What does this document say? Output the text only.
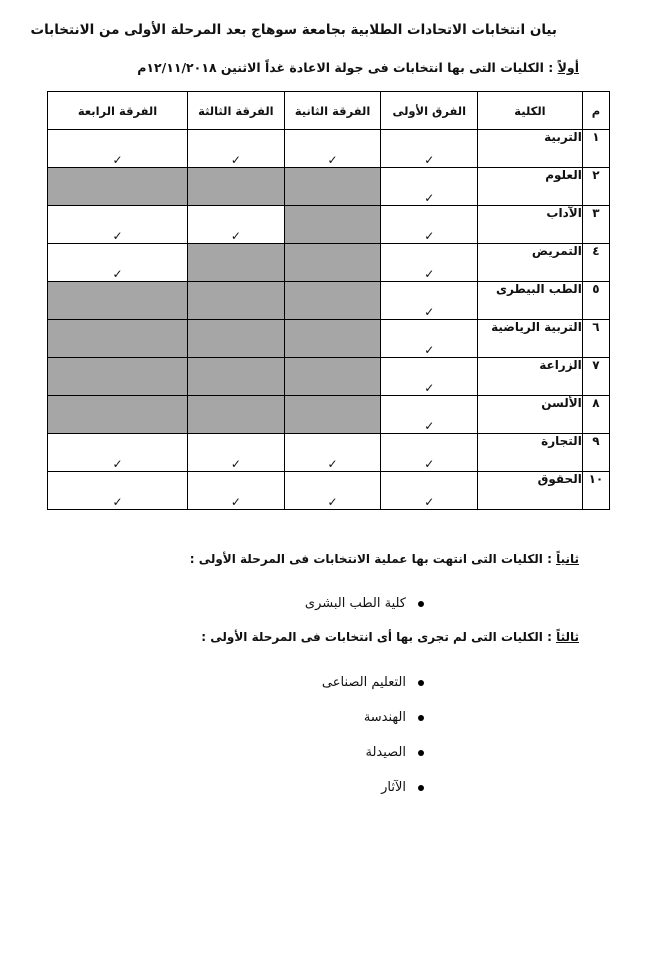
بيان انتخابات الاتحادات الطلابية بجامعة سوهاج بعد المرحلة الأولى من الانتخابات
أولاً : الكليات التى بها انتخابات فى جولة الاعادة غداً الاثنين ١٢/١١/٢٠١٨م
م	الكلية	الفرق الأولى	الفرقة الثانية	الفرقة الثالثة	الفرقة الرابعة
١	التربية	✓	✓	✓	✓
٢	العلوم	✓			
٣	الآداب	✓		✓	✓
٤	التمريض	✓			✓
٥	الطب البيطرى	✓			
٦	التربية الرياضية	✓			
٧	الزراعة	✓			
٨	الألسن	✓			
٩	التجارة	✓	✓	✓	✓
١٠	الحقوق	✓	✓	✓	✓
ثانياً : الكليات التى انتهت بها عملية الانتخابات فى المرحلة الأولى :
كلية الطب البشرى
ثالثاً : الكليات التى لم تجرى بها أى انتخابات فى المرحلة الأولى :
التعليم الصناعى
الهندسة
الصيدلة
الآثار
